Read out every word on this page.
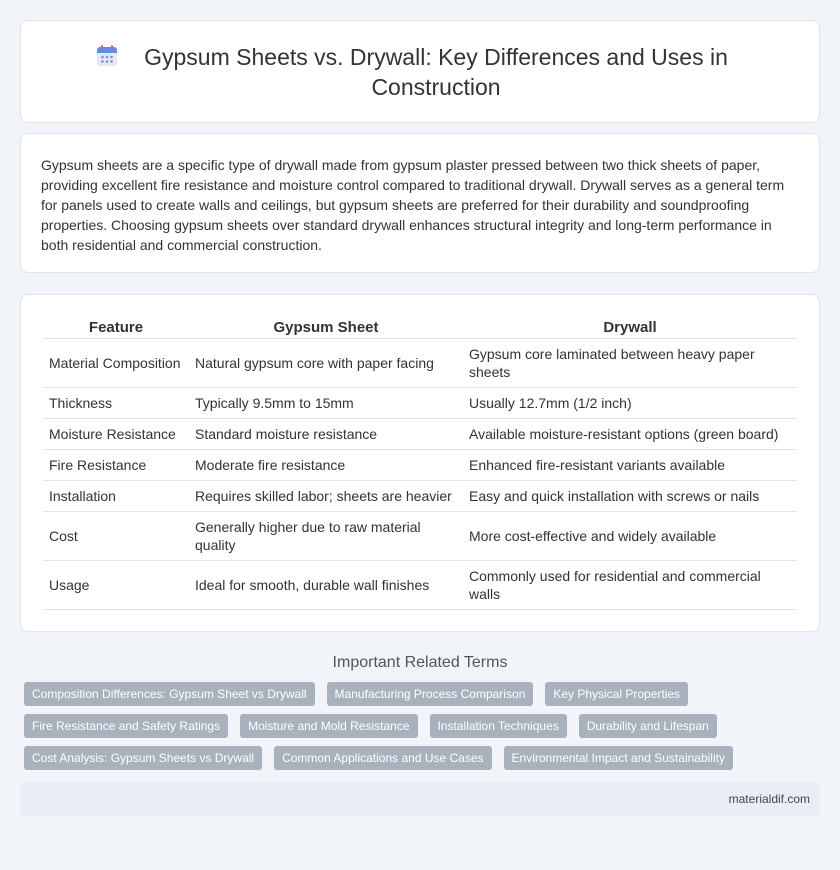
Gypsum Sheets vs. Drywall: Key Differences and Uses in Construction
Gypsum sheets are a specific type of drywall made from gypsum plaster pressed between two thick sheets of paper, providing excellent fire resistance and moisture control compared to traditional drywall. Drywall serves as a general term for panels used to create walls and ceilings, but gypsum sheets are preferred for their durability and soundproofing properties. Choosing gypsum sheets over standard drywall enhances structural integrity and long-term performance in both residential and commercial construction.
Feature	Gypsum Sheet	Drywall
Material Composition	Natural gypsum core with paper facing	Gypsum core laminated between heavy paper sheets
Thickness	Typically 9.5mm to 15mm	Usually 12.7mm (1/2 inch)
Moisture Resistance	Standard moisture resistance	Available moisture-resistant options (green board)
Fire Resistance	Moderate fire resistance	Enhanced fire-resistant variants available
Installation	Requires skilled labor; sheets are heavier	Easy and quick installation with screws or nails
Cost	Generally higher due to raw material quality	More cost-effective and widely available
Usage	Ideal for smooth, durable wall finishes	Commonly used for residential and commercial walls
Important Related Terms
Composition Differences: Gypsum Sheet vs Drywall	Manufacturing Process Comparison	Key Physical Properties
Fire Resistance and Safety Ratings	Moisture and Mold Resistance	Installation Techniques	Durability and Lifespan
Cost Analysis: Gypsum Sheets vs Drywall	Common Applications and Use Cases	Environmental Impact and Sustainability
materialdif.com
